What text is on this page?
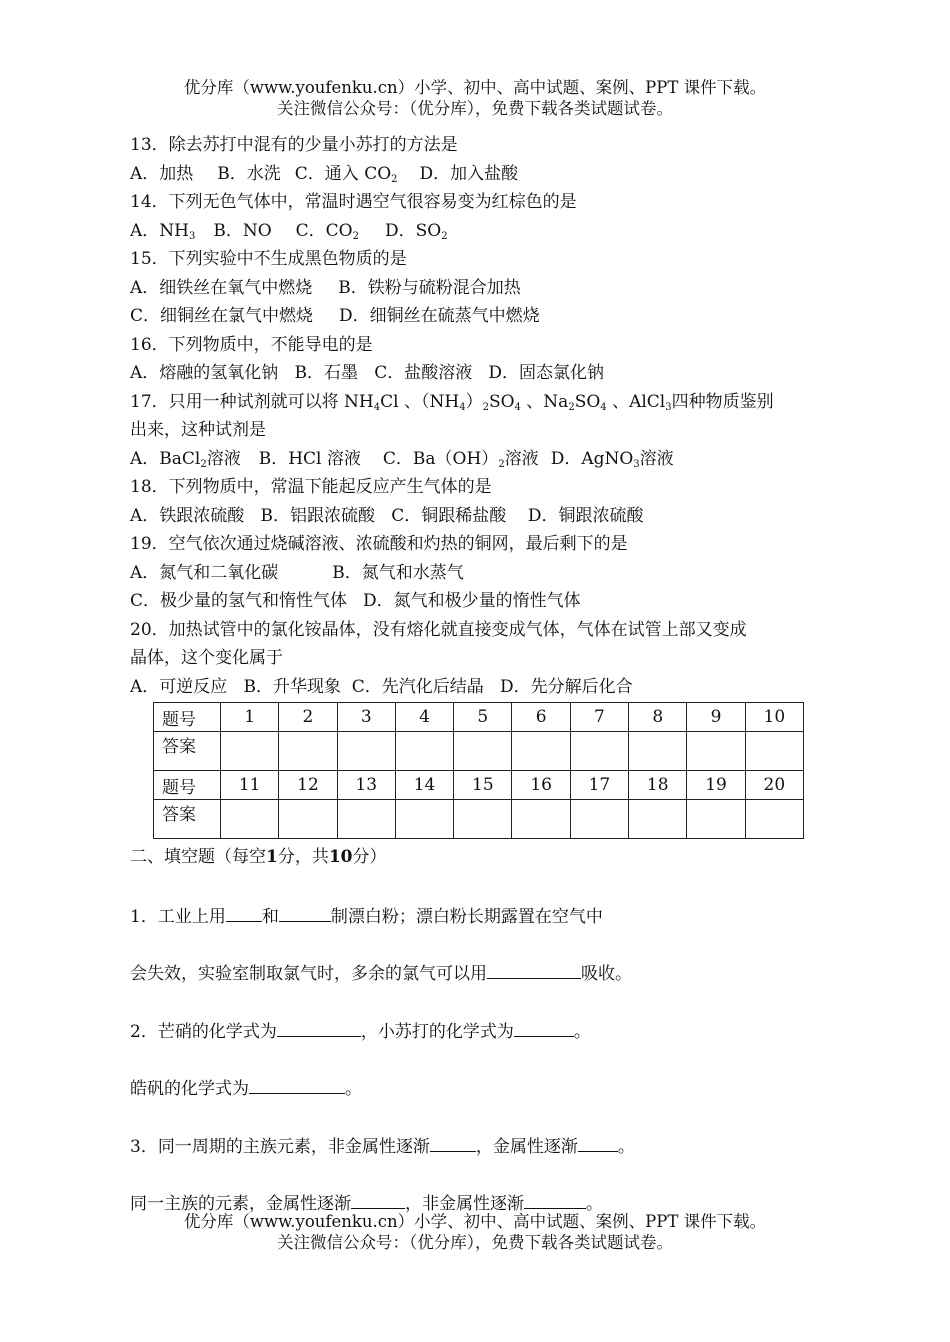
优分库（www.youfenku.cn）小学、初中、高中试题、案例、PPT 课件下载。
关注微信公众号：（优分库），免费下载各类试题试卷。
13．除去苏打中混有的少量小苏打的方法是
A．加热 B．水洗 C．通入 $CO_2$ D．加入盐酸
14．下列无色气体中，常温时遇空气很容易变为红棕色的是
A．$NH_3$ B．NO C．$CO_2$ D．$SO_2$
15．下列实验中不生成黑色物质的是
A．细铁丝在氧气中燃烧 B．铁粉与硫粉混合加热
C．细铜丝在氯气中燃烧 D．细铜丝在硫蒸气中燃烧
16．下列物质中，不能导电的是
A．熔融的氢氧化钠   B．石墨   C．盐酸溶液   D．固态氯化钠
17．只用一种试剂就可以将 $NH_4Cl$ 、$(NH_4)_2SO_4$ 、$Na_2SO_4$ 、AlCl$_3$四种物质鉴别
出来，这种试剂是
A．BaCl$_2$溶液 B．HCl 溶液 C．$Ba(OH)_2$溶液 D．AgNO$_3$溶液
18．下列物质中，常温下能起反应产生气体的是
A．铁跟浓硫酸   B．铝跟浓硫酸   C．铜跟稀盐酸    D．铜跟浓硫酸
19．空气依次通过烧碱溶液、浓硫酸和灼热的铜网，最后剩下的是
A．氮气和二氧化碳	B．氮气和水蒸气
C．极少量的氢气和惰性气体 D．氮气和极少量的惰性气体
20．加热试管中的氯化铵晶体，没有熔化就直接变成气体，气体在试管上部又变成
晶体，这个变化属于
A．可逆反应   B．升华现象  C．先汽化后结晶   D．先分解后化合
题号	1	2	3	4	5	6	7	8	9	10
答案										
题号	11	12	13	14	15	16	17	18	19	20
答案										
二、填空题（每空1分，共10分）
1．工业上用 和	制漂白粉；漂白粉长期露置在空气中
会失效，实验室制取氯气时，多余的氯气可以用	吸收。
2．芒硝的化学式为	，小苏打的化学式为	。
皓矾的化学式为	。
3．同一周期的主族元素，非金属性逐渐	，金属性逐渐 。
同一主族的元素，金属性逐渐	，非金属性逐渐	。
优分库（www.youfenku.cn）小学、初中、高中试题、案例、PPT 课件下载。
关注微信公众号：（优分库），免费下载各类试题试卷。
